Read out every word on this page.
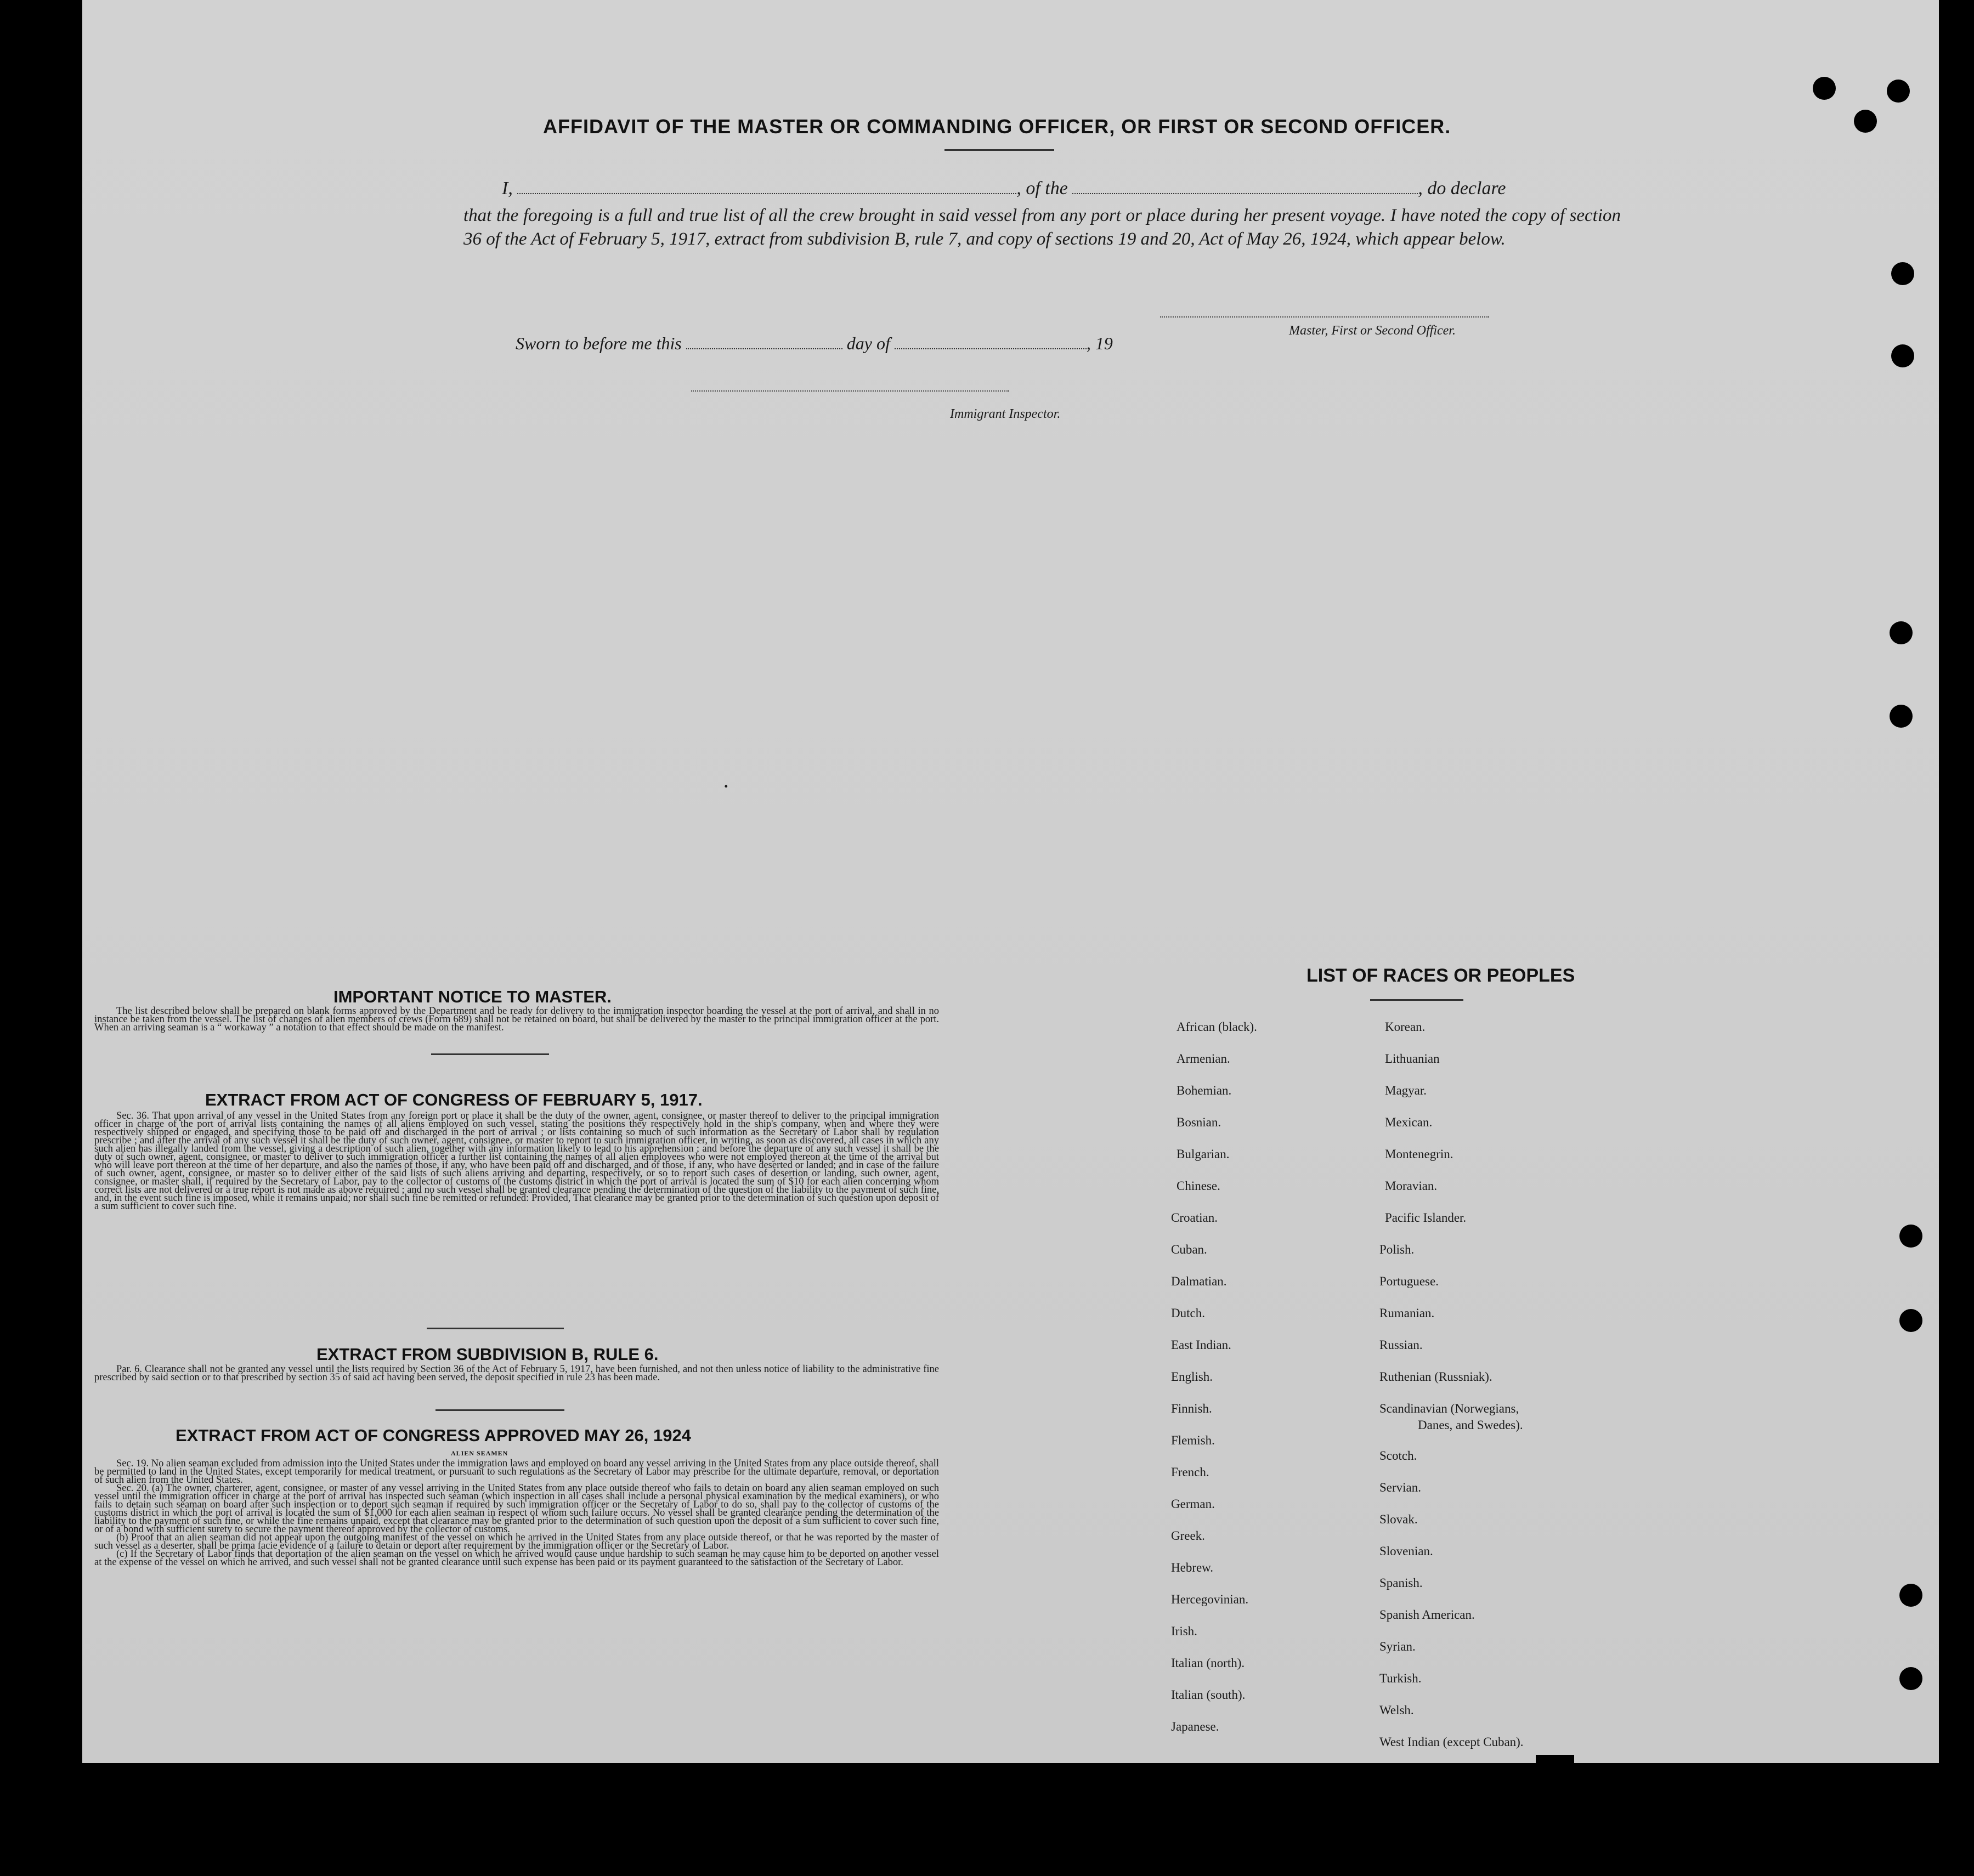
AFFIDAVIT OF THE MASTER OR COMMANDING OFFICER, OR FIRST OR SECOND OFFICER.
I,	, of the	, do declare
that the foregoing is a full and true list of all the crew brought in said vessel from any port or place during her present voyage. I have noted the copy of section 36 of the Act of February 5, 1917, extract from subdivision B, rule 7, and copy of sections 19 and 20, Act of May 26, 1924, which appear below.
Master, First or Second Officer.
Sworn to before me this	day of	, 19
Immigrant Inspector.
IMPORTANT NOTICE TO MASTER.

The list described below shall be prepared on blank forms approved by the Department and be ready for delivery to the immigration inspector boarding the vessel at the port of arrival, and shall in no instance be taken from the vessel. The list of changes of alien members of crews (Form 689) shall not be retained on board, but shall be delivered by the master to the principal immigration officer at the port. When an arriving seaman is a “ workaway ” a notation to that effect should be made on the manifest.

EXTRACT FROM ACT OF CONGRESS OF FEBRUARY 5, 1917.

Sec. 36. That upon arrival of any vessel in the United States from any foreign port or place it shall be the duty of the owner, agent, consignee, or master thereof to deliver to the principal immigration officer in charge of the port of arrival lists containing the names of all aliens employed on such vessel, stating the positions they respectively hold in the ship's company, when and where they were respectively shipped or engaged, and specifying those to be paid off and discharged in the port of arrival ; or lists containing so much of such information as the Secretary of Labor shall by regulation prescribe ; and after the arrival of any such vessel it shall be the duty of such owner, agent, consignee, or master to report to such immigration officer, in writing, as soon as discovered, all cases in which any such alien has illegally landed from the vessel, giving a description of such alien, together with any information likely to lead to his apprehension ; and before the departure of any such vessel it shall be the duty of such owner, agent, consignee, or master to deliver to such immigration officer a further list containing the names of all alien employees who were not employed thereon at the time of the arrival but who will leave port thereon at the time of her departure, and also the names of those, if any, who have been paid off and discharged, and of those, if any, who have deserted or landed; and in case of the failure of such owner, agent, consignee, or master so to deliver either of the said lists of such aliens arriving and departing, respectively, or so to report such cases of desertion or landing, such owner, agent, consignee, or master shall, if required by the Secretary of Labor, pay to the collector of customs of the customs district in which the port of arrival is located the sum of $10 for each alien concerning whom correct lists are not delivered or a true report is not made as above required ; and no such vessel shall be granted clearance pending the determination of the question of the liability to the payment of such fine, and, in the event such fine is imposed, while it remains unpaid; nor shall such fine be remitted or refunded: Provided, That clearance may be granted prior to the determination of such question upon deposit of a sum sufficient to cover such fine.

EXTRACT FROM SUBDIVISION B, RULE 6.

Par. 6. Clearance shall not be granted any vessel until the lists required by Section 36 of the Act of February 5, 1917, have been furnished, and not then unless notice of liability to the administrative fine prescribed by said section or to that prescribed by section 35 of said act having been served, the deposit specified in rule 23 has been made.

EXTRACT FROM ACT OF CONGRESS APPROVED MAY 26, 1924
ALIEN SEAMEN

Sec. 19. No alien seaman excluded from admission into the United States under the immigration laws and employed on board any vessel arriving in the United States from any place outside thereof, shall be permitted to land in the United States, except temporarily for medical treatment, or pursuant to such regulations as the Secretary of Labor may prescribe for the ultimate departure, removal, or deportation of such alien from the United States.

Sec. 20. (a) The owner, charterer, agent, consignee, or master of any vessel arriving in the United States from any place outside thereof who fails to detain on board any alien seaman employed on such vessel until the immigration officer in charge at the port of arrival has inspected such seaman (which inspection in all cases shall include a personal physical examination by the medical examiners), or who fails to detain such seaman on board after such inspection or to deport such seaman if required by such immigration officer or the Secretary of Labor to do so, shall pay to the collector of customs of the customs district in which the port of arrival is located the sum of $1,000 for each alien seaman in respect of whom such failure occurs. No vessel shall be granted clearance pending the determination of the liability to the payment of such fine, or while the fine remains unpaid, except that clearance may be granted prior to the determination of such question upon the deposit of a sum sufficient to cover such fine, or of a bond with sufficient surety to secure the payment thereof approved by the collector of customs.

(b) Proof that an alien seaman did not appear upon the outgoing manifest of the vessel on which he arrived in the United States from any place outside thereof, or that he was reported by the master of such vessel as a deserter, shall be prima facie evidence of a failure to detain or deport after requirement by the immigration officer or the Secretary of Labor.

(c) If the Secretary of Labor finds that deportation of the alien seaman on the vessel on which he arrived would cause undue hardship to such seaman he may cause him to be deported on another vessel at the expense of the vessel on which he arrived, and such vessel shall not be granted clearance until such expense has been paid or its payment guaranteed to the satisfaction of the Secretary of Labor.

.
LIST OF RACES OR PEOPLES
African (black).
Armenian.
Bohemian.
Bosnian.
Bulgarian.
Chinese.
Croatian.
Cuban.
Dalmatian.
Dutch.
East Indian.
English.
Finnish.
Flemish.
French.
German.
Greek.
Hebrew.
Hercegovinian.
Irish.
Italian (north).
Italian (south).
Japanese.
Korean.
Lithuanian
Magyar.
Mexican.
Montenegrin.
Moravian.
Pacific Islander.
Polish.
Portuguese.
Rumanian.
Russian.
Ruthenian (Russniak).
Scandinavian (Norwegians,
Danes, and Swedes).
Scotch.
Servian.
Slovak.
Slovenian.
Spanish.
Spanish American.
Syrian.
Turkish.
Welsh.
West Indian (except Cuban).
